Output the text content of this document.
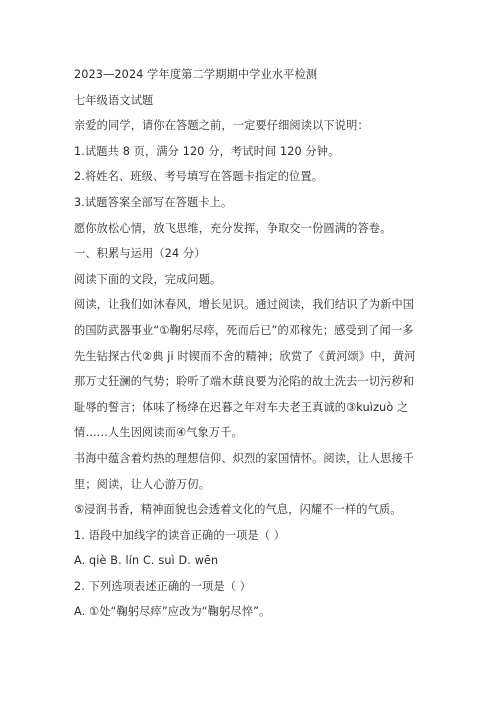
2023—2024 学年度第二学期期中学业水平检测
七年级语文试题
亲爱的同学，请你在答题之前，一定要仔细阅读以下说明：
1.试题共 8 页，满分 120 分，考试时间 120 分钟。
2.将姓名、班级、考号填写在答题卡指定的位置。
3.试题答案全部写在答题卡上。
愿你放松心情，放飞思维，充分发挥，争取交一份圆满的答卷。
一、积累与运用（24 分）
阅读下面的文段，完成问题。
阅读，让我们如沐春风，增长见识。通过阅读，我们结识了为新中国
的国防武器事业“①鞠躬尽瘁，死而后已”的邓稼先；感受到了闻一多
先生钻探古代②典 ji 时锲而不舍的精神；欣赏了《黄河颂》中，黄河
那万丈狂澜的气势；聆听了端木蕻良要为沦陷的故土洗去一切污秽和
耻辱的誓言；体味了杨绛在迟暮之年对车夫老王真诚的③kuìzuò 之
情……人生因阅读而④气象万千。
书海中蕴含着灼热的理想信仰、炽烈的家国情怀。阅读，让人思接千
里；阅读，让人心游万仞。
⑤浸润书香，精神面貌也会透着文化的气息，闪耀不一样的气质。
1. 语段中加线字的读音正确的一项是（ ）
A. qiè B. lín C. suì D. wēn
2. 下列选项表述正确的一项是（ ）
A. ①处“鞠躬尽瘁”应改为“鞠躬尽悴”。
